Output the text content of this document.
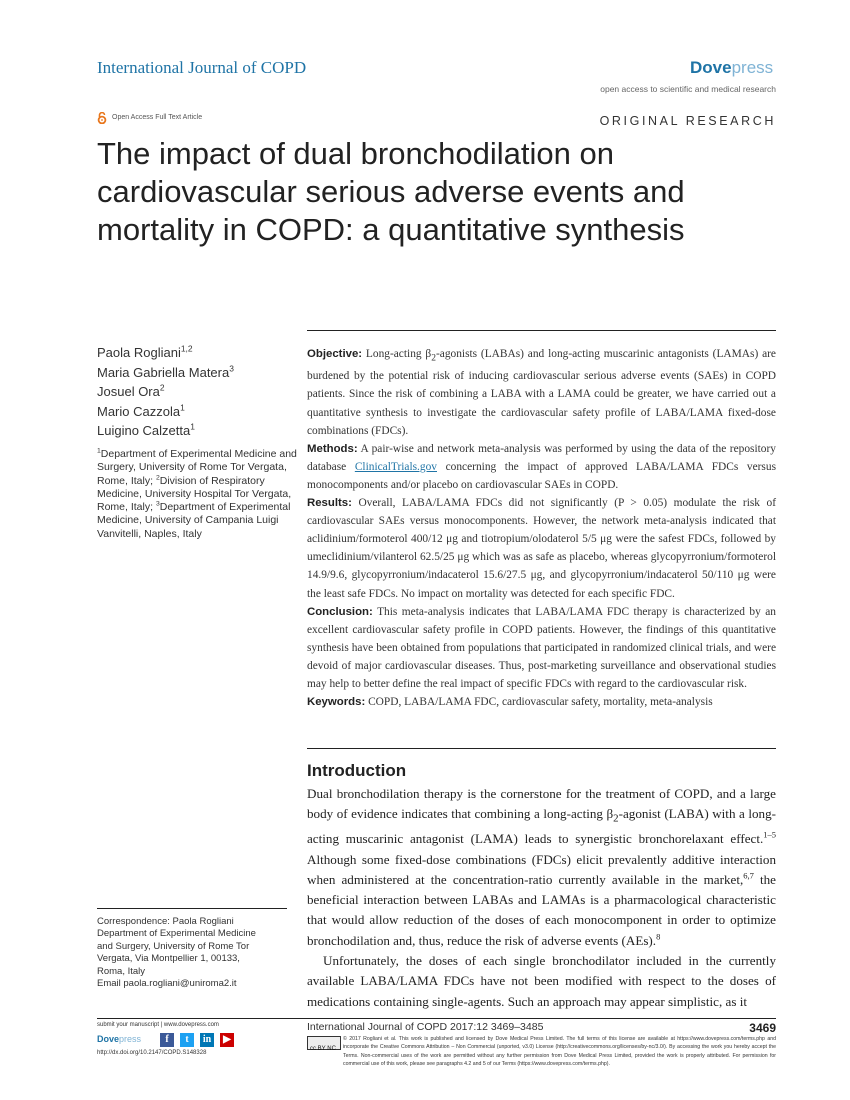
International Journal of COPD	Dovepress
open access to scientific and medical research
Open Access Full Text Article	ORIGINAL RESEARCH
The impact of dual bronchodilation on cardiovascular serious adverse events and mortality in COPD: a quantitative synthesis
Paola Rogliani$^{1,2}$
Maria Gabriella Matera$^3$
Josuel Ora$^2$
Mario Cazzola$^1$
Luigino Calzetta$^1$
$^1$Department of Experimental Medicine and Surgery, University of Rome Tor Vergata, Rome, Italy; $^2$Division of Respiratory Medicine, University Hospital Tor Vergata, Rome, Italy; $^3$Department of Experimental Medicine, University of Campania Luigi Vanvitelli, Naples, Italy

Objective: Long-acting $\beta_2$-agonists (LABAs) and long-acting muscarinic antagonists (LAMAs) are burdened by the potential risk of inducing cardiovascular serious adverse events (SAEs) in COPD patients. Since the risk of combining a LABA with a LAMA could be greater, we have carried out a quantitative synthesis to investigate the cardiovascular safety profile of LABA/LAMA fixed-dose combinations (FDCs).

Methods: A pair-wise and network meta-analysis was performed by using the data of the repository database ClinicalTrials.gov concerning the impact of approved LABA/LAMA FDCs versus monocomponents and/or placebo on cardiovascular SAEs in COPD.

Results: Overall, LABA/LAMA FDCs did not significantly (P > 0.05) modulate the risk of cardiovascular SAEs versus monocomponents. However, the network meta-analysis indicated that aclidinium/formoterol 400/12 μg and tiotropium/olodaterol 5/5 μg were the safest FDCs, followed by umeclidinium/vilanterol 62.5/25 μg which was as safe as placebo, whereas glycopyrronium/formoterol 14.9/9.6, glycopyrronium/indacaterol 15.6/27.5 μg, and glycopyrronium/indacaterol 50/110 μg were the least safe FDCs. No impact on mortality was detected for each specific FDC.

Conclusion: This meta-analysis indicates that LABA/LAMA FDC therapy is characterized by an excellent cardiovascular safety profile in COPD patients. However, the findings of this quantitative synthesis have been obtained from populations that participated in randomized clinical trials, and were devoid of major cardiovascular diseases. Thus, post-marketing surveillance and observational studies may help to better define the real impact of specific FDCs with regard to the cardiovascular risk.

Keywords: COPD, LABA/LAMA FDC, cardiovascular safety, mortality, meta-analysis

Introduction

Dual bronchodilation therapy is the cornerstone for the treatment of COPD, and a large body of evidence indicates that combining a long-acting $\beta_2$-agonist (LABA) with a long-acting muscarinic antagonist (LAMA) leads to synergistic bronchorelaxant effect.$^{1-5}$ Although some fixed-dose combinations (FDCs) elicit prevalently additive interaction when administered at the concentration-ratio currently available in the market,$^{6,7}$ the beneficial interaction between LABAs and LAMAs is a pharmacological characteristic that would allow reduction of the doses of each monocomponent in order to optimize bronchodilation and, thus, reduce the risk of adverse events (AEs).$^8$

Unfortunately, the doses of each single bronchodilator included in the currently available LABA/LAMA FDCs have not been modified with respect to the doses of medications containing single-agents. Such an approach may appear simplistic, as it

Correspondence: Paola Rogliani
Department of Experimental Medicine
and Surgery, University of Rome Tor
Vergata, Via Montpellier 1, 00133,
Roma, Italy
Email paola.rogliani@uniroma2.it
submit your manuscript | www.dovepress.com
Dovepress	f t in ▶
http://dx.doi.org/10.2147/COPD.S148328
International Journal of COPD 2017:12 3469–3485	3469
cc BY NC
© 2017 Rogliani et al. This work is published and licensed by Dove Medical Press Limited. The full terms of this license are available at https://www.dovepress.com/terms.php and incorporate the Creative Commons Attribution – Non Commercial (unported, v3.0) License (http://creativecommons.org/licenses/by-nc/3.0/). By accessing the work you hereby accept the Terms. Non-commercial uses of the work are permitted without any further permission from Dove Medical Press Limited, provided the work is properly attributed. For permission for commercial use of this work, please see paragraphs 4.2 and 5 of our Terms (https://www.dovepress.com/terms.php).
